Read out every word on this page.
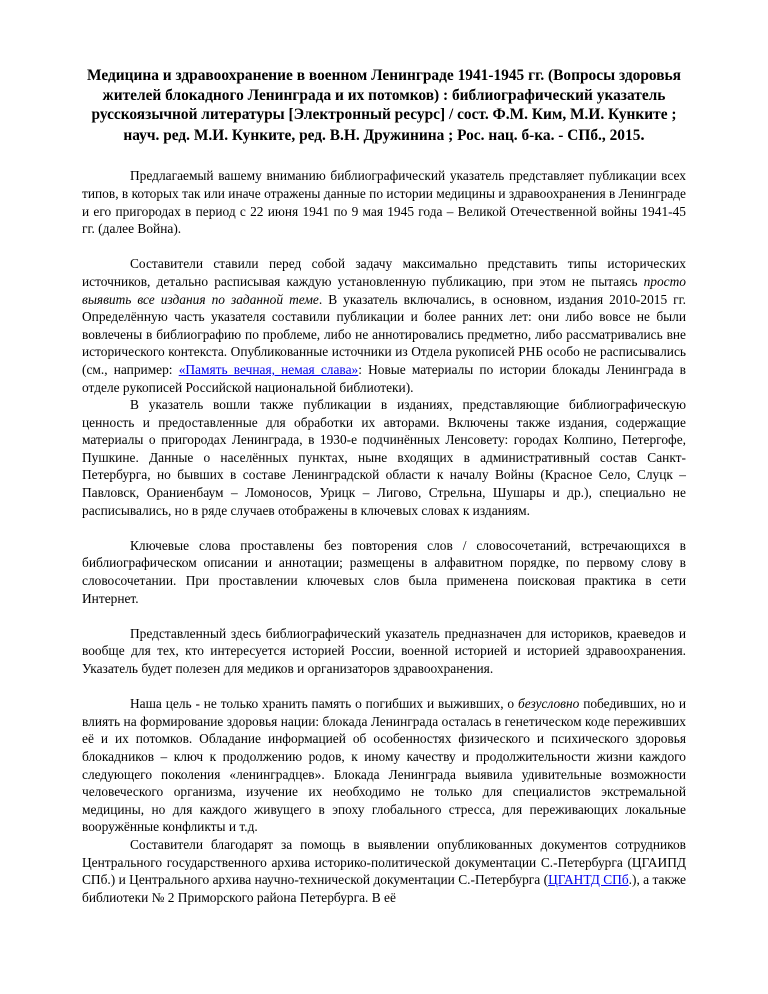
Медицина и здравоохранение в военном Ленинграде 1941-1945 гг. (Вопросы здоровья жителей блокадного Ленинграда и их потомков) : библиографический указатель русскоязычной литературы [Электронный ресурс] / сост. Ф.М. Ким, М.И. Кунките ; науч. ред. М.И. Кунките, ред. В.Н. Дружинина ; Рос. нац. б-ка. - СПб., 2015.

Предлагаемый вашему вниманию библиографический указатель представляет публикации всех типов, в которых так или иначе отражены данные по истории медицины и здравоохранения в Ленинграде и его пригородах в период с 22 июня 1941 по 9 мая 1945 года – Великой Отечественной войны 1941-45 гг. (далее Война).

Составители ставили перед собой задачу максимально представить типы исторических источников, детально расписывая каждую установленную публикацию, при этом не пытаясь просто выявить все издания по заданной теме. В указатель включались, в основном, издания 2010-2015 гг. Определённую часть указателя составили публикации и более ранних лет: они либо вовсе не были вовлечены в библиографию по проблеме, либо не аннотировались предметно, либо рассматривались вне исторического контекста. Опубликованные источники из Отдела рукописей РНБ особо не расписывались (см., например: «Память вечная, немая слава»: Новые материалы по истории блокады Ленинграда в отделе рукописей Российской национальной библиотеки).

В указатель вошли также публикации в изданиях, представляющие библиографическую ценность и предоставленные для обработки их авторами. Включены также издания, содержащие материалы о пригородах Ленинграда, в 1930-е подчинённых Ленсовету: городах Колпино, Петергофе, Пушкине. Данные о населённых пунктах, ныне входящих в административный состав Санкт-Петербурга, но бывших в составе Ленинградской области к началу Войны (Красное Село, Слуцк – Павловск, Ораниенбаум – Ломоносов, Урицк – Лигово, Стрельна, Шушары и др.), специально не расписывались, но в ряде случаев отображены в ключевых словах к изданиям.

Ключевые слова проставлены без повторения слов / словосочетаний, встречающихся в библиографическом описании и аннотации; размещены в алфавитном порядке, по первому слову в словосочетании. При проставлении ключевых слов была применена поисковая практика в сети Интернет.

Представленный здесь библиографический указатель предназначен для историков, краеведов и вообще для тех, кто интересуется историей России, военной историей и историей здравоохранения. Указатель будет полезен для медиков и организаторов здравоохранения.

Наша цель - не только хранить память о погибших и выживших, о безусловно победивших, но и влиять на формирование здоровья нации: блокада Ленинграда осталась в генетическом коде переживших её и их потомков. Обладание информацией об особенностях физического и психического здоровья блокадников – ключ к продолжению родов, к иному качеству и продолжительности жизни каждого следующего поколения «ленинградцев». Блокада Ленинграда выявила удивительные возможности человеческого организма, изучение их необходимо не только для специалистов экстремальной медицины, но для каждого живущего в эпоху глобального стресса, для переживающих локальные вооружённые конфликты и т.д.

Составители благодарят за помощь в выявлении опубликованных документов сотрудников Центрального государственного архива историко-политической документации С.-Петербурга (ЦГАИПД СПб.) и Центрального архива научно-технической документации С.-Петербурга (ЦГАНТД СПб.), а также библиотеки № 2 Приморского района Петербурга. В её
